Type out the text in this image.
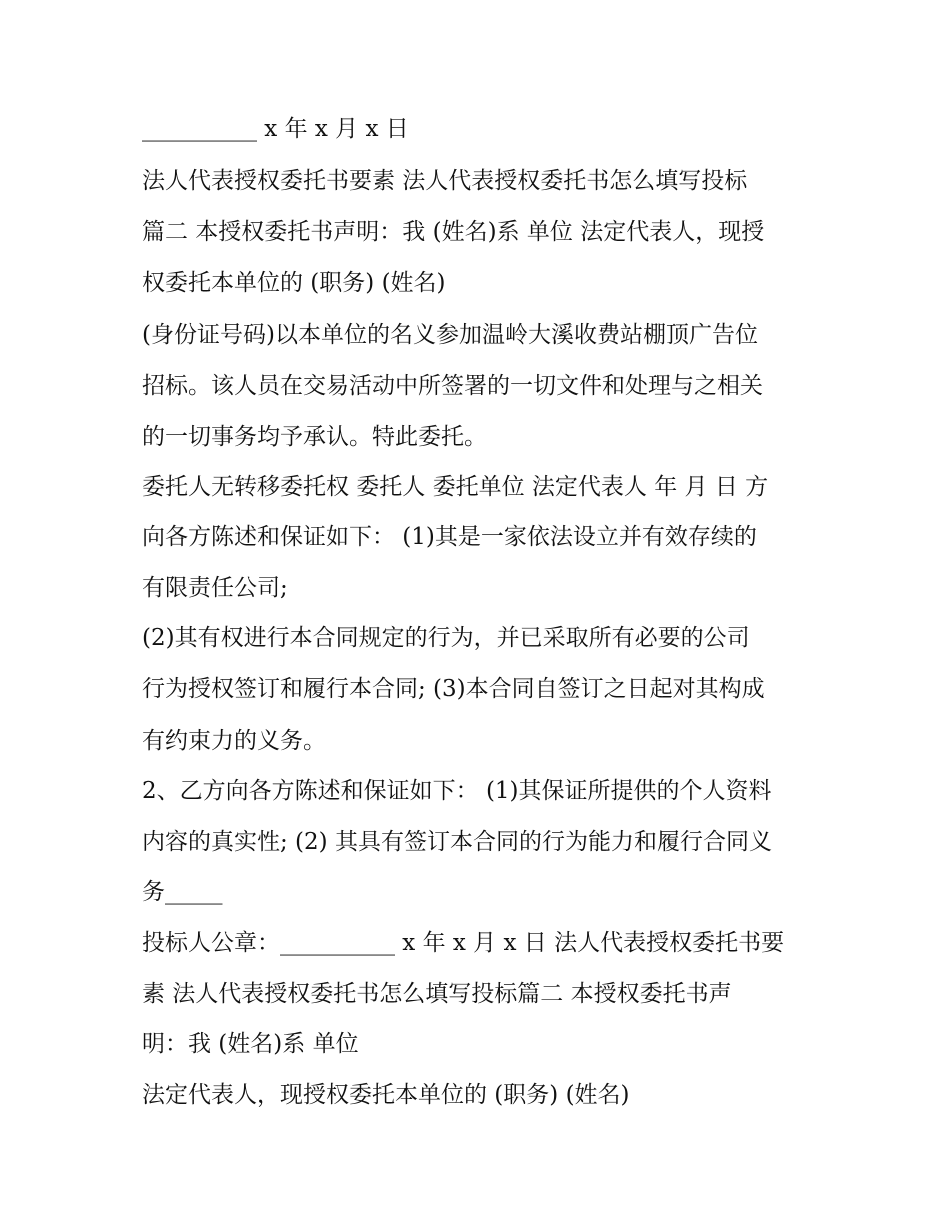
__________ x 年 x 月 x 日
法人代表授权委托书要素 法人代表授权委托书怎么填写投标
篇二 本授权委托书声明：我 (姓名)系 单位 法定代表人，现授
权委托本单位的 (职务) (姓名)
(身份证号码)以本单位的名义参加温岭大溪收费站棚顶广告位
招标。该人员在交易活动中所签署的一切文件和处理与之相关
的一切事务均予承认。特此委托。
委托人无转移委托权 委托人 委托单位 法定代表人 年 月 日 方
向各方陈述和保证如下： (1)其是一家依法设立并有效存续的
有限责任公司;
(2)其有权进行本合同规定的行为，并已采取所有必要的公司
行为授权签订和履行本合同; (3)本合同自签订之日起对其构成
有约束力的义务。
2、乙方向各方陈述和保证如下： (1)其保证所提供的个人资料
内容的真实性; (2) 其具有签订本合同的行为能力和履行合同义
务_____
投标人公章：__________ x 年 x 月 x 日 法人代表授权委托书要
素 法人代表授权委托书怎么填写投标篇二 本授权委托书声
明：我 (姓名)系 单位
法定代表人，现授权委托本单位的 (职务) (姓名)
